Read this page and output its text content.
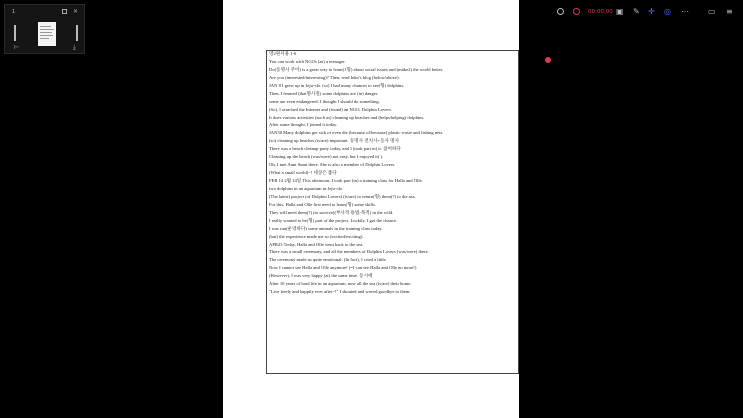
1	✕
⊢	⤓
영2원서용 1-6
You can work with NGOs (as) a teenager.
Do(동명사 주어) is a great way to learn(1형) about social issues and (make2) the world better.
Are you (interested/interesting)? Then, read Inko's blog (below/above).
JAN 8 I grew up in Jeju~do. (so) I had many chances to see(형) dolphins.
Then, I learned (that명사절) some dolphins are (in) danger.
some are even endangered. I thought I should do something.
(So), I searched the Internet and (found) an NGO, Dolphin Lovers.
It does various activities (such as) cleaning up beaches and (helps/helping) dolphins.
After some thought, I joined it today.
JAN30 Many dolphins get sick or even die (because of/because) plastic waste and fishing nets.
(so) cleaning up beaches (is/are) important. 동명사 전치사+동사 명사
There was a beach cleanup party today, and I (took part in) it. 참여하다
Cleaning up the beach (was/were) not easy, but I enjoyed it( ).
Oh, I met Aunt Sumi there. She is also a member of Dolphin Lovers.
(What a small world)~! 세상은 좁다
FEB 14 2월 14일 This afternoon, I took part (in) a training class for Halla and Olle.
two dolphins in an aquarium in Jeju~do.
(The latest) project (of Dolphin Lovers) (is/are) to return(형) them(?) to the sea.
For this, Halla and Olle first need to learn(형) some skills.
They will need them(?) (to survive)(부사적 용법-목적) in the wild.
I really wanted to be(형) part of the project. Luckily, I got the chance.
I was run(운영하다) some animals in the training class today.
(but) the experience made me so (excited/exciting).
APR23 Today, Halla and Olle went back to the sea.
There was a small ceremony, and all the members of Dolphin Lovers (was/were) there.
The ceremony made us quite emotional. (In fact), I cried a little.
Now I cannot see Halla and Olle anymore! (=I can see Halla and Olle no more!)
(However), I was very happy (at) the same time. 동시에
After 10 years of hard life in an aquarium, now all the sea (is/are) their home.
"Live freely and happily ever after~!" I shouted and waved goodbye to them.
00:00:00 ▣ ✎ ✛ ◎ ⋯ ▭ ≡
